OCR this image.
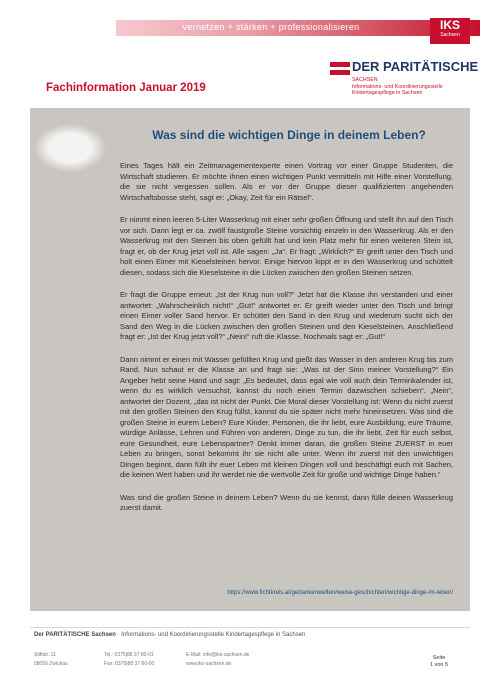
vernetzen + stärken + professionalisieren	IKS
Sachsen
Fachinformation Januar 2019
DER PARITÄTISCHE
SACHSEN
Informations- und Koordinierungsstelle
Kindertagespflege in Sachsen
Was sind die wichtigen Dinge in deinem Leben?

Eines Tages hält ein Zeitmanagementexperte einen Vortrag vor einer Gruppe Studenten, die Wirtschaft studieren. Er möchte ihnen einen wichtigen Punkt vermitteln mit Hilfe einer Vorstellung, die sie nicht vergessen sollen. Als er vor der Gruppe dieser qualifizierten angehenden Wirtschaftsbosse steht, sagt er: „Okay, Zeit für ein Rätsel“.

Er nimmt einen leeren 5-Liter Wasserkrug mit einer sehr großen Öffnung und stellt ihn auf den Tisch vor sich. Dann legt er ca. zwölf faustgroße Steine vorsichtig einzeln in den Wasserkrug. Als er den Wasserkrug mit den Steinen bis oben gefüllt hat und kein Platz mehr für einen weiteren Stein ist, fragt er, ob der Krug jetzt voll ist. Alle sagen: „Ja“. Er fragt: „Wirklich?“ Er greift unter den Tisch und holt einen Eimer mit Kieselsteinen hervor. Einige hiervon kippt er in den Wasserkrug und schüttelt diesen, sodass sich die Kieselsteine in die Lücken zwischen den großen Steinen setzen.

Er fragt die Gruppe erneut: „Ist der Krug nun voll?“ Jetzt hat die Klasse ihn verstanden und einer antwortet: „Wahrscheinlich nicht!“ „Gut!“ antwortet er. Er greift wieder unter den Tisch und bringt einen Eimer voller Sand hervor. Er schüttet den Sand in den Krug und wiederum sucht sich der Sand den Weg in die Lücken zwischen den großen Steinen und den Kieselsteinen. Anschließend fragt er: „Ist der Krug jetzt voll?“ „Nein!“ ruft die Klasse. Nochmals sagt er: „Gut!“

Dann nimmt er einen mit Wasser gefüllten Krug und gießt das Wasser in den anderen Krug bis zum Rand. Nun schaut er die Klasse an und fragt sie: „Was ist der Sinn meiner Vorstellung?“ Ein Angeber hebt seine Hand und sagt: „Es bedeutet, dass egal wie voll auch dein Terminkalender ist, wenn du es wirklich versuchst, kannst du noch einen Termin dazwischen schieben“. „Nein“, antwortet der Dozent, „das ist nicht der Punkt. Die Moral dieser Vorstellung ist: Wenn du nicht zuerst mit den großen Steinen den Krug füllst, kannst du sie später nicht mehr hineinsetzen. Was sind die großen Steine in eurem Leben? Eure Kinder, Personen, die ihr liebt, eure Ausbildung, eure Träume, würdige Anlässe, Lehren und Führen von anderen, Dinge zu tun, die ihr liebt, Zeit für euch selbst, eure Gesundheit, eure Lebenspartner? Denkt immer daran, die großen Steine ZUERST in euer Leben zu bringen, sonst bekommt ihr sie nicht alle unter. Wenn ihr zuerst mit den unwichtigen Dingen beginnt, dann füllt ihr euer Leben mit kleinen Dingen voll und beschäftigt euch mit Sachen, die keinen Wert haben und ihr werdet nie die wertvolle Zeit für große und wichtige Dinge haben.“

Was sind die großen Steine in deinem Leben? Wenn du sie kennst, dann fülle deinen Wasserkrug zuerst damit.

https://www.fichtkreis.at/gedankenwelten/weise-geschichten/wichtige-dinge-im-leben/
Der PARITÄTISCHE Sachsen · Informations- und Koordinierungsstelle Kindertagespflege in Sachsen
Stiftstr. 11
08056 Zwickau
Tel.: 0375|88 37 80-01
Fax: 0375|88 37 80-00
E-Mail: info@iks-sachsen.de
www.iks-sachsen.de
Seite
1 von 5
